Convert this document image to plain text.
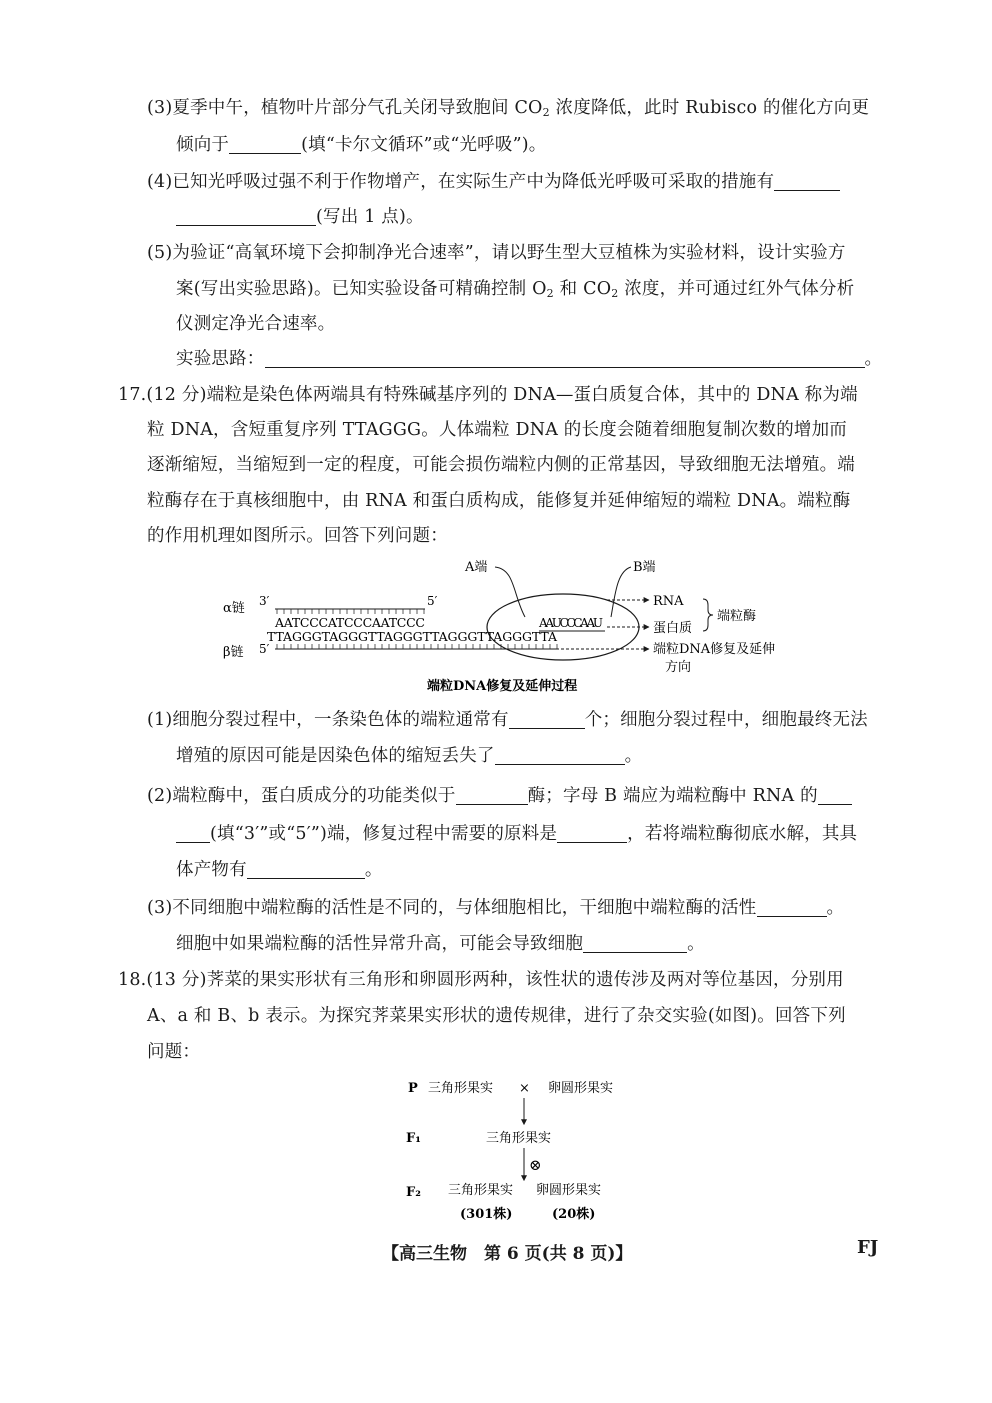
(3)夏季中午，植物叶片部分气孔关闭导致胞间 $CO_2$ 浓度降低，此时 Rubisco 的催化方向更
倾向于	(填“卡尔文循环”或“光呼吸”)。
(4)已知光呼吸过强不利于作物增产，在实际生产中为降低光呼吸可采取的措施有
(写出 1 点)。
(5)为验证“高氧环境下会抑制净光合速率”，请以野生型大豆植株为实验材料，设计实验方
案(写出实验思路)。已知实验设备可精确控制 $O_2$ 和 $CO_2$ 浓度，并可通过红外气体分析
仪测定净光合速率。
实验思路：	。
17.(12 分)端粒是染色体两端具有特殊碱基序列的 DNA—蛋白质复合体，其中的 DNA 称为端
粒 DNA，含短重复序列 TTAGGG。人体端粒 DNA 的长度会随着细胞复制次数的增加而
逐渐缩短，当缩短到一定的程度，可能会损伤端粒内侧的正常基因，导致细胞无法增殖。端
粒酶存在于真核细胞中，由 RNA 和蛋白质构成，能修复并延伸缩短的端粒 DNA。端粒酶
的作用机理如图所示。回答下列问题：
A端	B端
α链 3′	5′
AATCCCATCCCAATCCC	AAUCCCAAU
TTAGGGTAGGGTTAGGGTTAGGGTTAGGGTTA
β链 5′
RNA
蛋白质
端粒酶
端粒DNA修复及延伸
方向
端粒DNA修复及延伸过程
(1)细胞分裂过程中，一条染色体的端粒通常有	个；细胞分裂过程中，细胞最终无法
增殖的原因可能是因染色体的缩短丢失了	。
(2)端粒酶中，蛋白质成分的功能类似于	酶；字母 B 端应为端粒酶中 RNA 的
(填“3′”或“5′”)端，修复过程中需要的原料是	，若将端粒酶彻底水解，其具
体产物有	。
(3)不同细胞中端粒酶的活性是不同的，与体细胞相比，干细胞中端粒酶的活性	。
细胞中如果端粒酶的活性异常升高，可能会导致细胞	。
18.(13 分)荠菜的果实形状有三角形和卵圆形两种，该性状的遗传涉及两对等位基因，分别用
A、a 和 B、b 表示。为探究荠菜果实形状的遗传规律，进行了杂交实验(如图)。回答下列
问题：
P 三角形果实 × 卵圆形果实
F₁	三角形果实
⊗
F₂ 三角形果实 卵圆形果实
(301株)	(20株)
【高三生物　第 6 页(共 8 页)】	FJ
